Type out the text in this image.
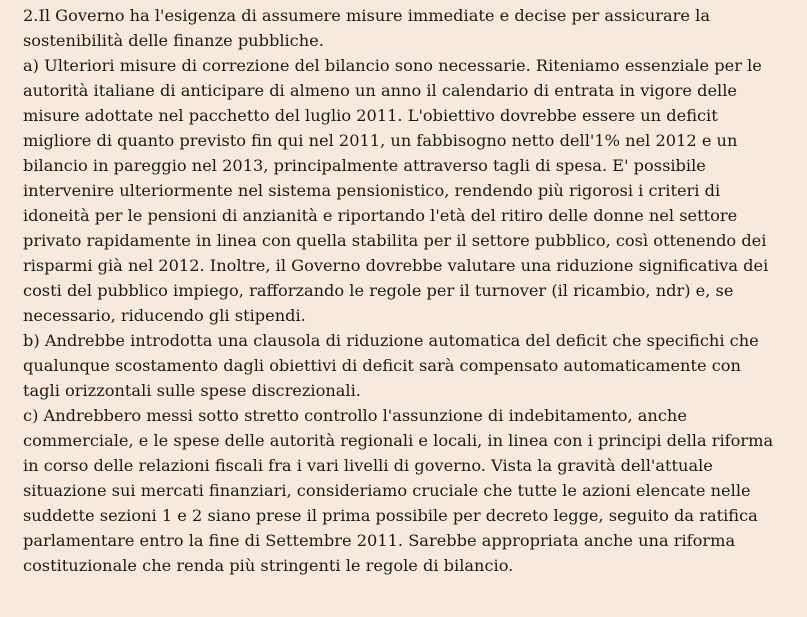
2.Il Governo ha l'esigenza di assumere misure immediate e decise per assicurare la
sostenibilità delle finanze pubbliche.
a) Ulteriori misure di correzione del bilancio sono necessarie. Riteniamo essenziale per le
autorità italiane di anticipare di almeno un anno il calendario di entrata in vigore delle
misure adottate nel pacchetto del luglio 2011. L'obiettivo dovrebbe essere un deficit
migliore di quanto previsto fin qui nel 2011, un fabbisogno netto dell'1% nel 2012 e un
bilancio in pareggio nel 2013, principalmente attraverso tagli di spesa. E' possibile
intervenire ulteriormente nel sistema pensionistico, rendendo più rigorosi i criteri di
idoneità per le pensioni di anzianità e riportando l'età del ritiro delle donne nel settore
privato rapidamente in linea con quella stabilita per il settore pubblico, così ottenendo dei
risparmi già nel 2012. Inoltre, il Governo dovrebbe valutare una riduzione significativa dei
costi del pubblico impiego, rafforzando le regole per il turnover (il ricambio, ndr) e, se
necessario, riducendo gli stipendi.
b) Andrebbe introdotta una clausola di riduzione automatica del deficit che specifichi che
qualunque scostamento dagli obiettivi di deficit sarà compensato automaticamente con
tagli orizzontali sulle spese discrezionali.
c) Andrebbero messi sotto stretto controllo l'assunzione di indebitamento, anche
commerciale, e le spese delle autorità regionali e locali, in linea con i principi della riforma
in corso delle relazioni fiscali fra i vari livelli di governo. Vista la gravità dell'attuale
situazione sui mercati finanziari, consideriamo cruciale che tutte le azioni elencate nelle
suddette sezioni 1 e 2 siano prese il prima possibile per decreto legge, seguito da ratifica
parlamentare entro la fine di Settembre 2011. Sarebbe appropriata anche una riforma
costituzionale che renda più stringenti le regole di bilancio.
